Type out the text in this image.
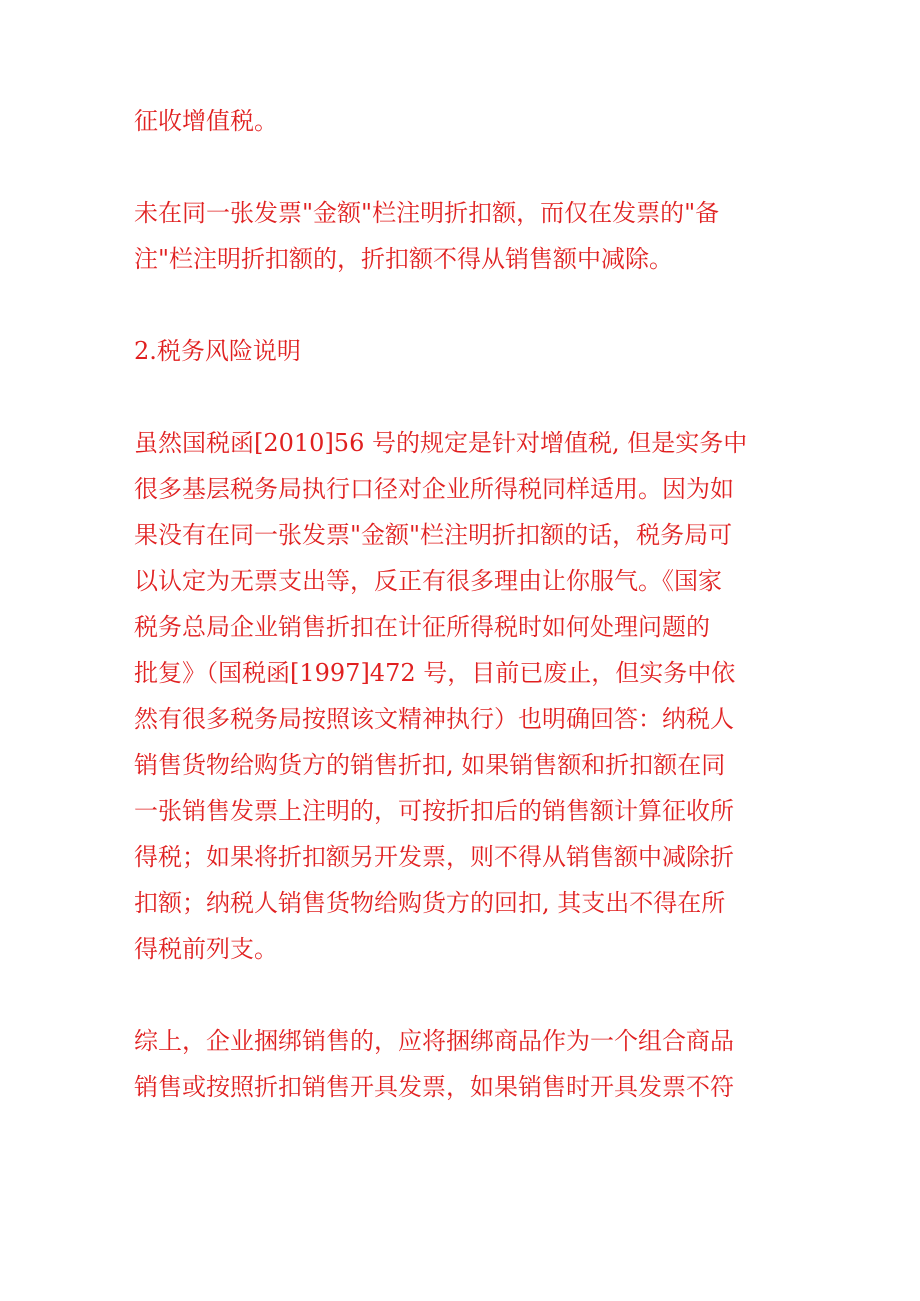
征收增值税。

未在同一张发票"金额"栏注明折扣额，而仅在发票的"备
注"栏注明折扣额的，折扣额不得从销售额中减除。

2.税务风险说明

虽然国税函[2010]56 号的规定是针对增值税, 但是实务中
很多基层税务局执行口径对企业所得税同样适用。因为如
果没有在同一张发票"金额"栏注明折扣额的话，税务局可
以认定为无票支出等，反正有很多理由让你服气。《国家
税务总局企业销售折扣在计征所得税时如何处理问题的
批复》（国税函[1997]472 号，目前已废止，但实务中依
然有很多税务局按照该文精神执行）也明确回答：纳税人
销售货物给购货方的销售折扣, 如果销售额和折扣额在同
一张销售发票上注明的，可按折扣后的销售额计算征收所
得税；如果将折扣额另开发票，则不得从销售额中减除折
扣额；纳税人销售货物给购货方的回扣, 其支出不得在所
得税前列支。

综上，企业捆绑销售的，应将捆绑商品作为一个组合商品
销售或按照折扣销售开具发票，如果销售时开具发票不符
